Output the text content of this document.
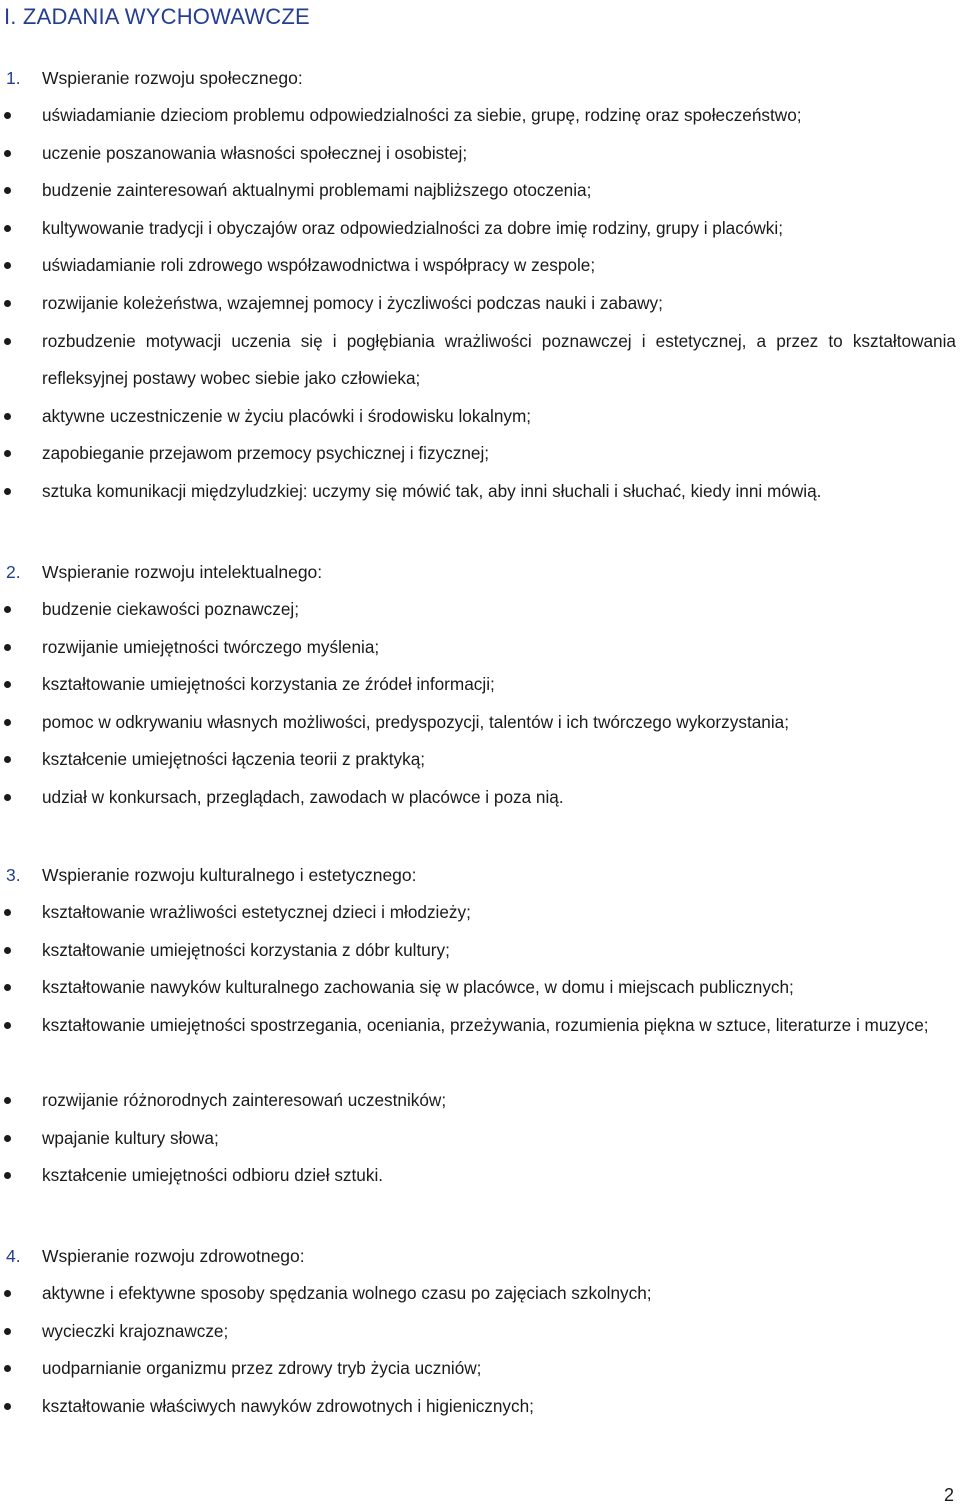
I. ZADANIA WYCHOWAWCZE
1. Wspieranie rozwoju społecznego:
uświadamianie dzieciom problemu odpowiedzialności za siebie, grupę, rodzinę oraz społeczeństwo;
uczenie poszanowania własności społecznej i osobistej;
budzenie zainteresowań aktualnymi problemami najbliższego otoczenia;
kultywowanie tradycji i obyczajów oraz odpowiedzialności za dobre imię rodziny, grupy i placówki;
uświadamianie roli zdrowego współzawodnictwa i współpracy w zespole;
rozwijanie koleżeństwa, wzajemnej pomocy i życzliwości podczas nauki i zabawy;
rozbudzenie motywacji uczenia się i pogłębiania wrażliwości poznawczej i estetycznej, a przez to kształtowania refleksyjnej postawy wobec siebie jako człowieka;
aktywne uczestniczenie w życiu placówki i środowisku lokalnym;
zapobieganie przejawom przemocy psychicznej i fizycznej;
sztuka komunikacji międzyludzkiej: uczymy się mówić tak, aby inni słuchali i słuchać, kiedy inni mówią.
2. Wspieranie rozwoju intelektualnego:
budzenie ciekawości poznawczej;
rozwijanie umiejętności twórczego myślenia;
kształtowanie umiejętności korzystania ze źródeł informacji;
pomoc w odkrywaniu własnych możliwości, predyspozycji, talentów i ich twórczego wykorzystania;
kształcenie umiejętności łączenia teorii z praktyką;
udział w konkursach, przeglądach, zawodach w placówce i poza nią.
3. Wspieranie rozwoju kulturalnego i estetycznego:
kształtowanie wrażliwości estetycznej dzieci i młodzieży;
kształtowanie umiejętności korzystania z dóbr kultury;
kształtowanie nawyków kulturalnego zachowania się w placówce, w domu i miejscach publicznych;
kształtowanie umiejętności spostrzegania, oceniania, przeżywania, rozumienia piękna w sztuce, literaturze i muzyce;
rozwijanie różnorodnych zainteresowań uczestników;
wpajanie kultury słowa;
kształcenie umiejętności odbioru dzieł sztuki.
4. Wspieranie rozwoju zdrowotnego:
aktywne i efektywne sposoby spędzania wolnego czasu po zajęciach szkolnych;
wycieczki krajoznawcze;
uodparnianie organizmu przez zdrowy tryb życia uczniów;
kształtowanie właściwych nawyków zdrowotnych i higienicznych;
2
